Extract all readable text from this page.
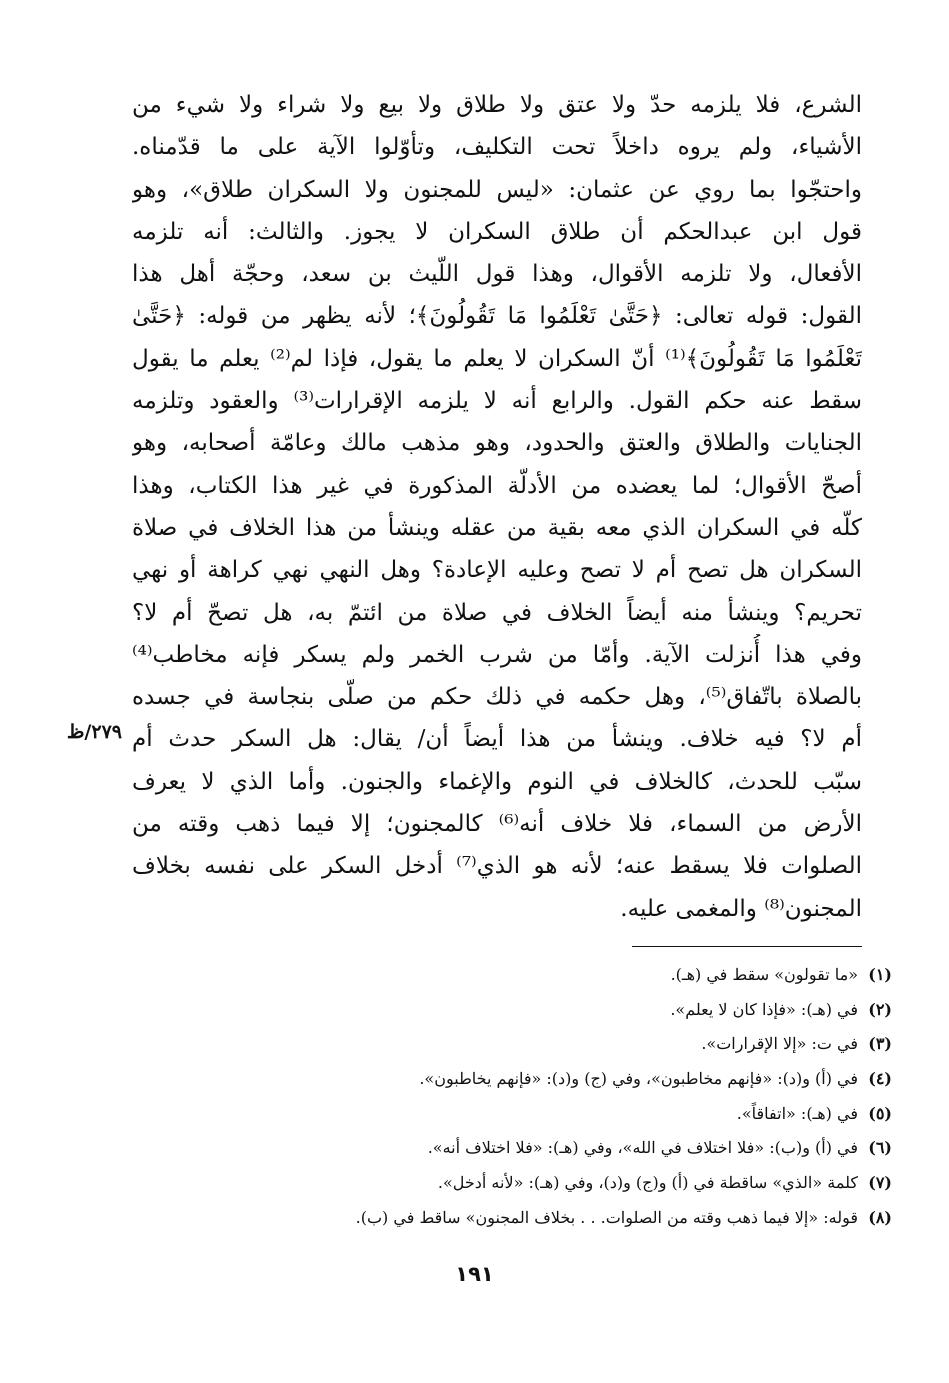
الشرع، فلا يلزمه حدّ ولا عتق ولا طلاق ولا بيع ولا شراء ولا شيء من
الأشياء، ولم يروه داخلاً تحت التكليف، وتأوّلوا الآية على ما قدّمناه.
واحتجّوا بما روي عن عثمان: «ليس للمجنون ولا السكران طلاق»، وهو
قول ابن عبدالحكم أن طلاق السكران لا يجوز. والثالث: أنه تلزمه
الأفعال، ولا تلزمه الأقوال، وهذا قول اللّيث بن سعد، وحجّة أهل هذا
القول: قوله تعالى: ﴿حَتَّىٰ تَعْلَمُوا مَا تَقُولُونَ﴾؛ لأنه يظهر من قوله: ﴿حَتَّىٰ
تَعْلَمُوا مَا تَقُولُونَ﴾⁽¹⁾ أنّ السكران لا يعلم ما يقول، فإذا لم⁽²⁾ يعلم ما يقول
سقط عنه حكم القول. والرابع أنه لا يلزمه الإقرارات⁽³⁾ والعقود وتلزمه
الجنايات والطلاق والعتق والحدود، وهو مذهب مالك وعامّة أصحابه، وهو
أصحّ الأقوال؛ لما يعضده من الأدلّة المذكورة في غير هذا الكتاب، وهذا
كلّه في السكران الذي معه بقية من عقله وينشأ من هذا الخلاف في صلاة
السكران هل تصح أم لا تصح وعليه الإعادة؟ وهل النهي نهي كراهة أو نهي
تحريم؟ وينشأ منه أيضاً الخلاف في صلاة من ائتمّ به، هل تصحّ أم لا؟
وفي هذا أُنزلت الآية. وأمّا من شرب الخمر ولم يسكر فإنه مخاطب⁽⁴⁾
بالصلاة باتّفاق⁽⁵⁾، وهل حكمه في ذلك حكم من صلّى بنجاسة في جسده
أم لا؟ فيه خلاف. وينشأ من هذا أيضاً أن/ يقال: هل السكر حدث أم
سبّب للحدث، كالخلاف في النوم والإغماء والجنون. وأما الذي لا يعرف
الأرض من السماء، فلا خلاف أنه⁽⁶⁾ كالمجنون؛ إلا فيما ذهب وقته من
الصلوات فلا يسقط عنه؛ لأنه هو الذي⁽⁷⁾ أدخل السكر على نفسه بخلاف
المجنون⁽⁸⁾ والمغمى عليه.
٢٧٩/ظ
(١)«ما تقولون» سقط في (هـ).
(٢)في (هـ): «فإذا كان لا يعلم».
(٣)في ت: «إلا الإقرارات».
(٤)في (أ) و(د): «فإنهم مخاطبون»، وفي (ج) و(د): «فإنهم يخاطبون».
(٥)في (هـ): «اتفاقاً».
(٦)في (أ) و(ب): «فلا اختلاف في الله»، وفي (هـ): «فلا اختلاف أنه».
(٧)كلمة «الذي» ساقطة في (أ) و(ج) و(د)، وفي (هـ): «لأنه أدخل».
(٨)قوله: «إلا فيما ذهب وقته من الصلوات. . . بخلاف المجنون» ساقط في (ب).
١٩١
